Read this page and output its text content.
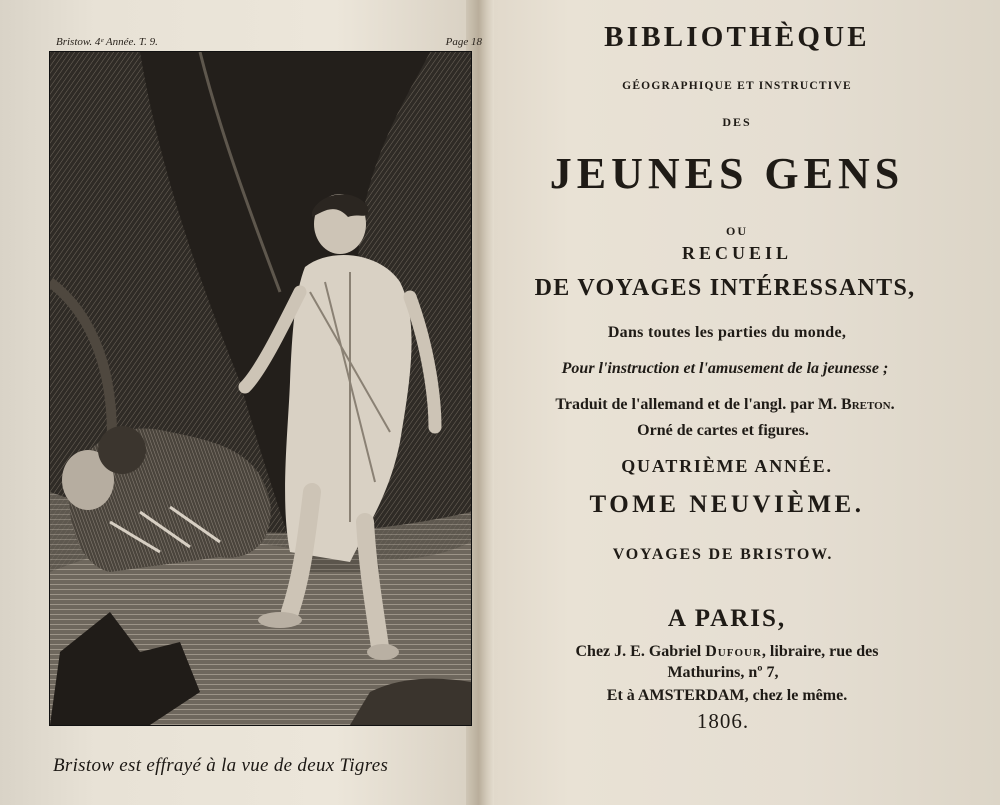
Bristow. 4ᵉ Année. T. 9.	Page 18
Bristow est effrayé à la vue de deux Tigres
BIBLIOTHÈQUE
GÉOGRAPHIQUE ET INSTRUCTIVE
DES
JEUNES GENS
OU
RECUEIL
DE VOYAGES INTÉRESSANTS,
Dans toutes les parties du monde,
Pour l'instruction et l'amusement de la jeunesse ;
Traduit de l'allemand et de l'angl. par M. Breton.
Orné de cartes et figures.
QUATRIÈME ANNÉE.
TOME NEUVIÈME.
VOYAGES DE BRISTOW.
A PARIS,
Chez J. E. Gabriel Dufour, libraire, rue des
Mathurins, nº 7,
Et à AMSTERDAM, chez le même.
1806.
